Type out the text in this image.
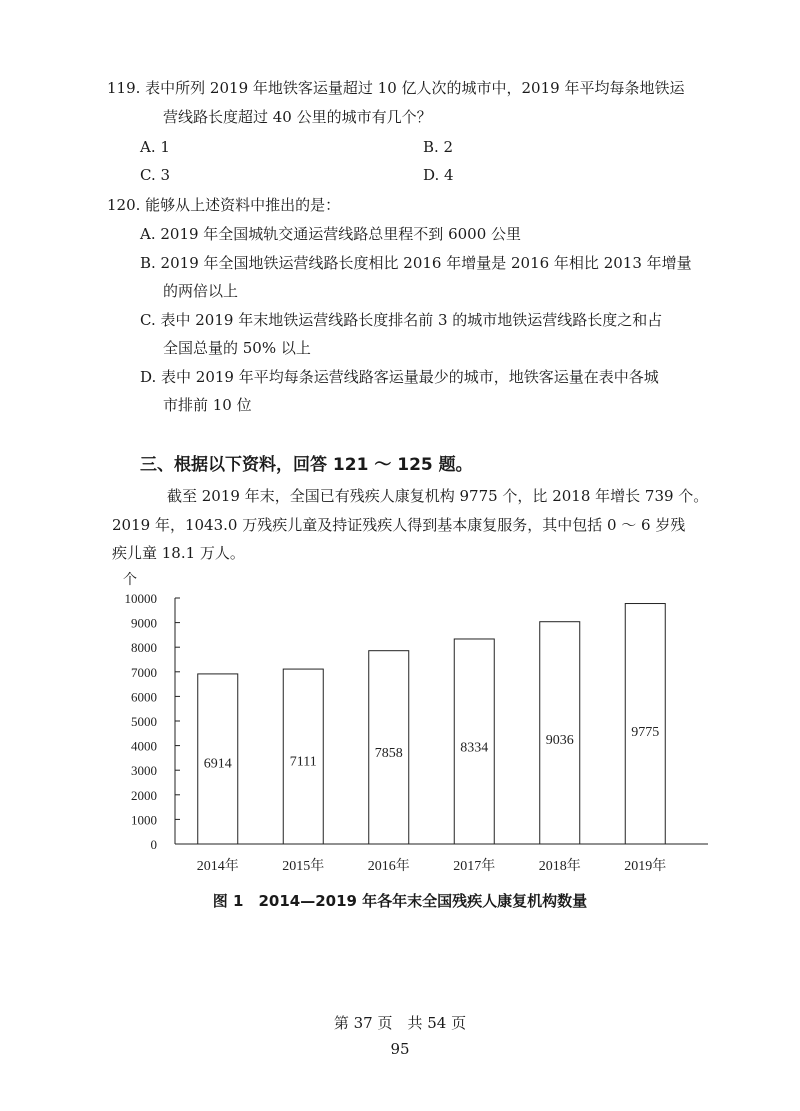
119. 表中所列 2019 年地铁客运量超过 10 亿人次的城市中，2019 年平均每条地铁运
营线路长度超过 40 公里的城市有几个？
A. 1	B. 2
C. 3	D. 4
120. 能够从上述资料中推出的是：
A. 2019 年全国城轨交通运营线路总里程不到 6000 公里
B. 2019 年全国地铁运营线路长度相比 2016 年增量是 2016 年相比 2013 年增量
的两倍以上
C. 表中 2019 年末地铁运营线路长度排名前 3 的城市地铁运营线路长度之和占
全国总量的 50% 以上
D. 表中 2019 年平均每条运营线路客运量最少的城市，地铁客运量在表中各城
市排前 10 位
三、根据以下资料，回答 121 ～ 125 题。
截至 2019 年末，全国已有残疾人康复机构 9775 个，比 2018 年增长 739 个。
2019 年，1043.0 万残疾儿童及持证残疾人得到基本康复服务，其中包括 0 ～ 6 岁残
疾儿童 18.1 万人。
个
0
1000
2000
3000
4000
5000
6000
7000
8000
9000
10000
6914
2014年
7111
2015年
7858
2016年
8334
2017年
9036
2018年
9775
2019年
图 1　2014—2019 年各年末全国残疾人康复机构数量
第 37 页　共 54 页
95
